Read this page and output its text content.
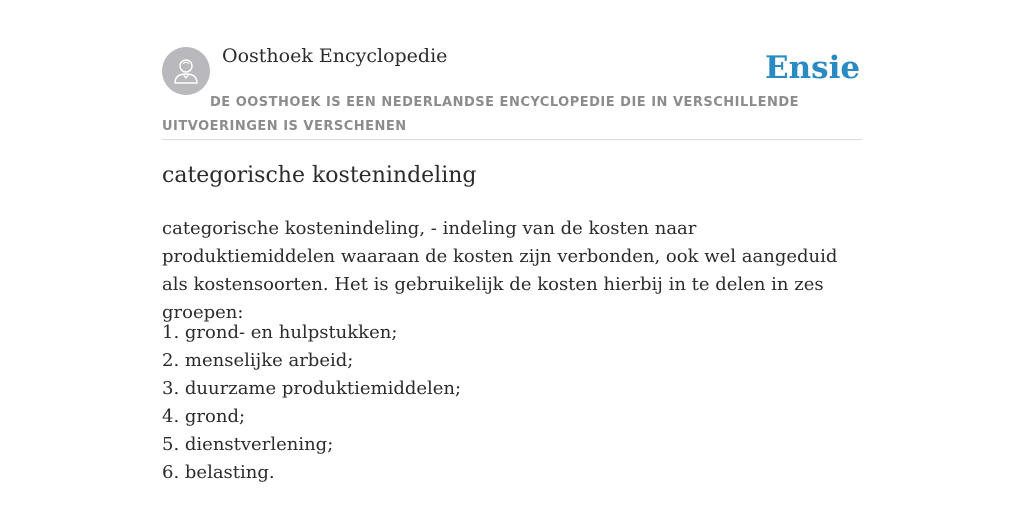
Oosthoek Encyclopedie	Ensie
DE OOSTHOEK IS EEN NEDERLANDSE ENCYCLOPEDIE DIE IN VERSCHILLENDE UITVOERINGEN IS VERSCHENEN
categorische kostenindeling

categorische kostenindeling, - indeling van de kosten naar produktiemiddelen waaraan de kosten zijn verbonden, ook wel aangeduid als kostensoorten. Het is gebruikelijk de kosten hierbij in te delen in zes groepen:

1. grond- en hulpstukken;
2. menselijke arbeid;
3. duurzame produktiemiddelen;
4. grond;
5. dienstverlening;
6. belasting.
